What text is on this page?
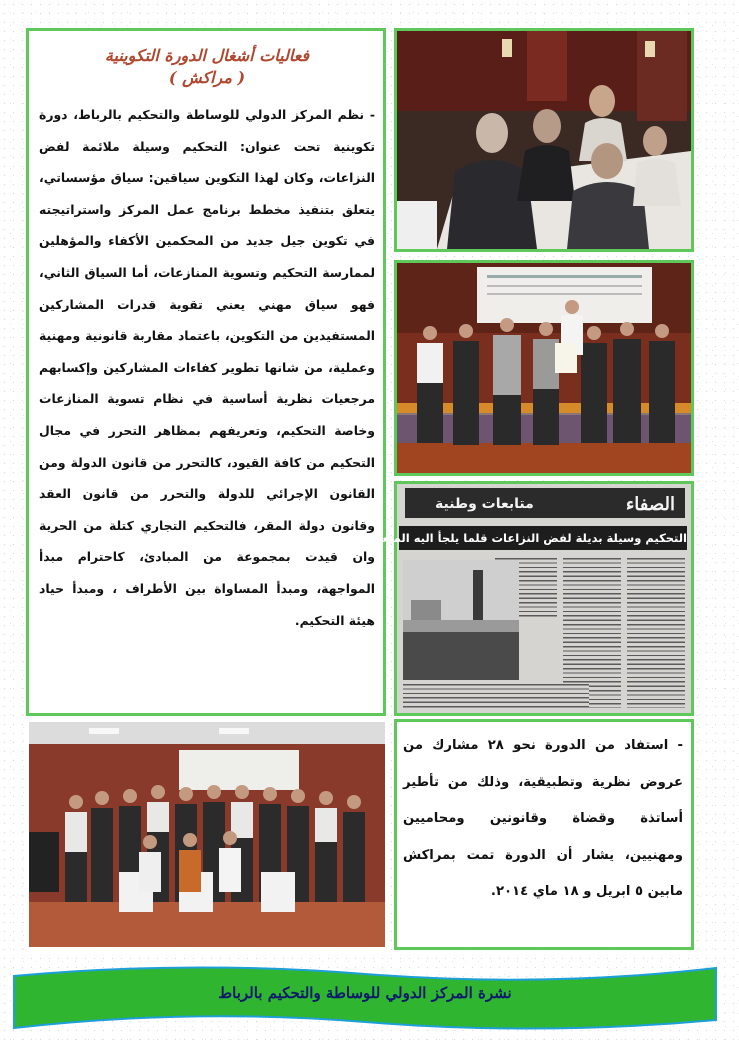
فعاليات أشغال الدورة التكوينية
( مراكش )

- نظم المركز الدولي للوساطة والتحكيم بالرباط، دورة تكوينية تحت عنوان: التحكيم وسيلة ملائمة لفض النزاعات، وكان لهذا التكوين سياقين: سياق مؤسساتي، يتعلق بتنفيذ مخطط برنامج عمل المركز واستراتيجته في تكوين جيل جديد من المحكمين الأكفاء والمؤهلين لممارسة التحكيم وتسوية المنازعات، أما السياق الثاني، فهو سياق مهني يعني تقوية قدرات المشاركين المستفيدين من التكوين، باعتماد مقاربة قانونية ومهنية وعملية، من شانها تطوير كفاءات المشاركين وإكسابهم مرجعيات نظرية أساسية في نظام تسوية المنازعات وخاصة التحكيم، وتعريفهم بمظاهر التحرر في مجال التحكيم من كافة القيود، كالتحرر من قانون الدولة ومن القانون الإجرائي للدولة والتحرر من قانون العقد وقانون دولة المقر، فالتحكيم التجاري كتلة من الحرية وان قيدت بمجموعة من المبادئ، كاحترام مبدأ المواجهة، ومبدأ المساواة بين الأطراف ، ومبدأ حياد هيئة التحكيم.

الصفاء
متابعات وطنية
التحكيم وسيلة بديلة لفض النزاعات قلما يلجأ اليه المتعاملون الاقتصاديون

- استفاد من الدورة نحو ٢٨ مشارك من عروض نظرية وتطبيقية، وذلك من تأطير أساتذة وقضاة وقانونين ومحاميين ومهنيين، يشار أن الدورة تمت بمراكش مابين ٥ ابريل و ١٨ ماي ٢٠١٤.

نشرة المركز الدولي للوساطة والتحكيم بالرباط
